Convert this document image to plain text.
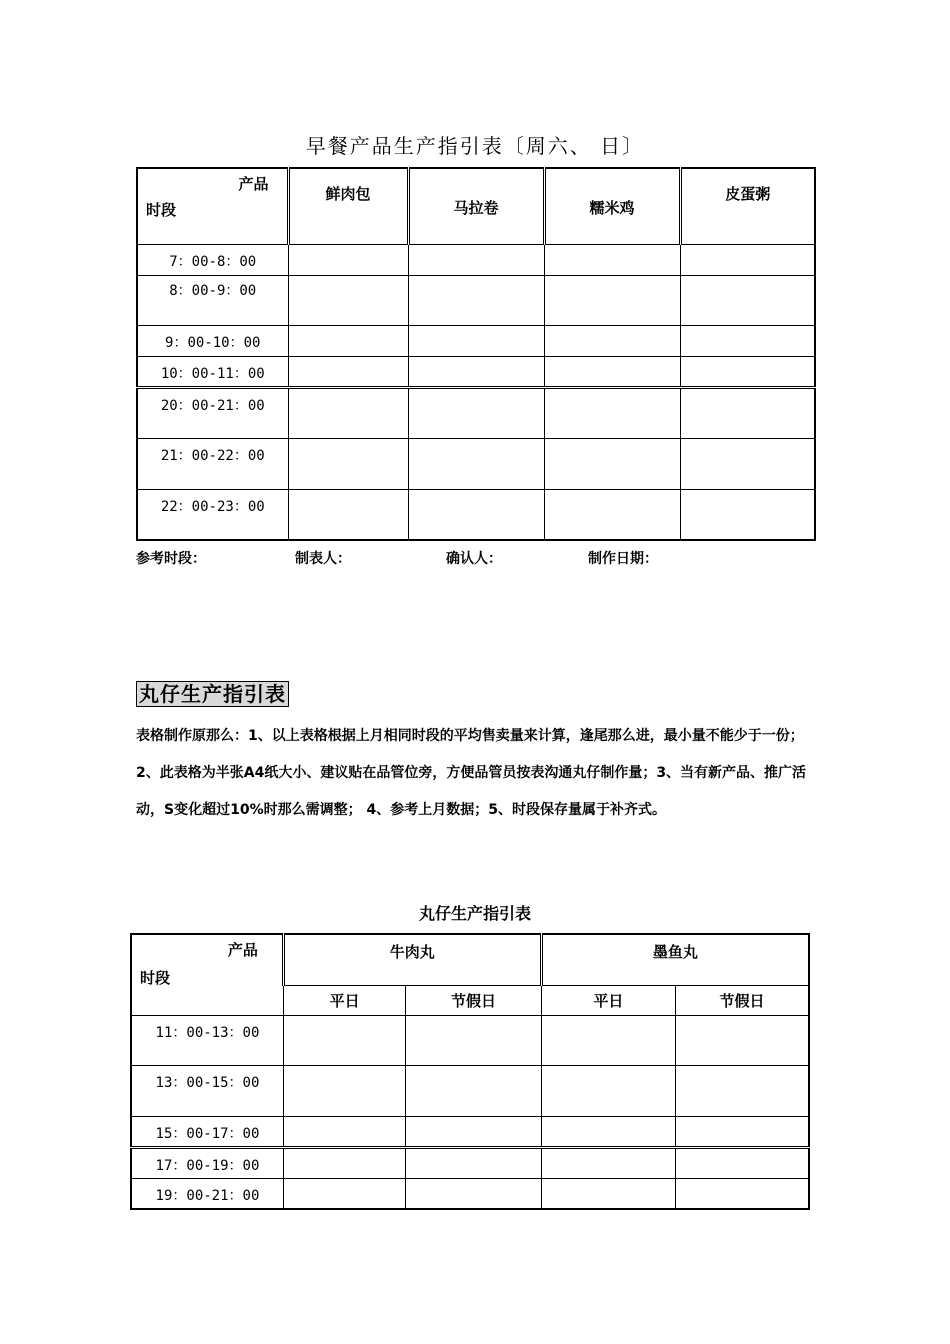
早餐产品生产指引表〔周六、 日〕
产品
时段	鲜肉包	马拉卷	糯米鸡	皮蛋粥
7：00-8：00				
8：00-9：00				
9：00-10：00				
10：00-11：00				
20：00-21：00				
21：00-22：00				
22：00-23：00				
参考时段：	制表人：	确认人：	制作日期：
丸仔生产指引表
表格制作原那么：1、以上表格根据上月相同时段的平均售卖量来计算，逢尾那么进，最小量不能少于一份；2、此表格为半张A4纸大小、建议贴在品管位旁，方便品管员按表沟通丸仔制作量；3、当有新产品、推广活动，S变化超过10%时那么需调整； 4、参考上月数据；5、时段保存量属于补齐式。
丸仔生产指引表
产品
时段	牛肉丸		墨鱼丸	
	平日	节假日	平日	节假日
11：00-13：00				
13：00-15：00				
15：00-17：00				
17：00-19：00				
19：00-21：00				
